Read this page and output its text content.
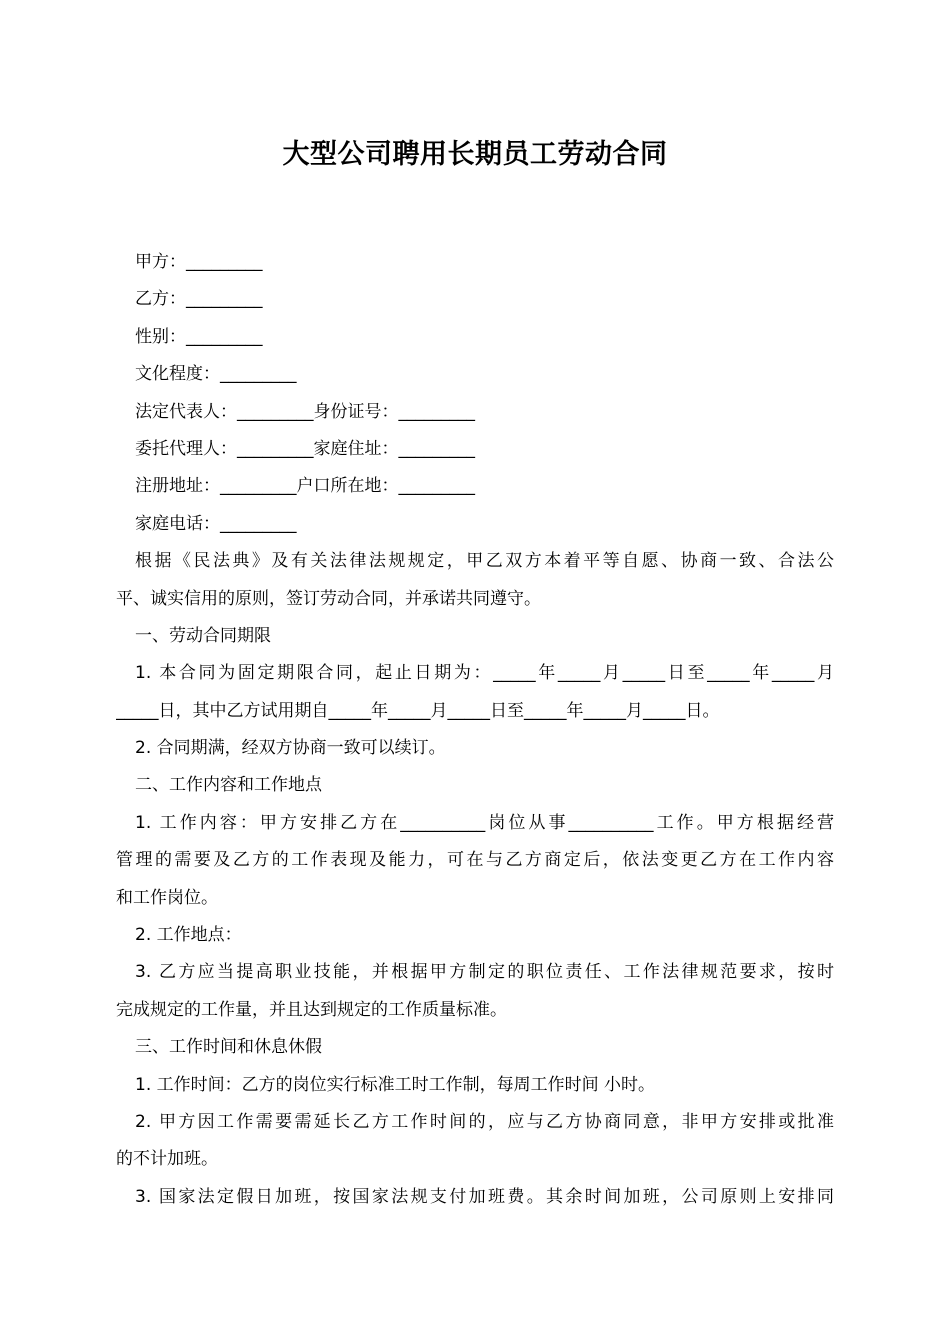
大型公司聘用长期员工劳动合同
甲方：_________
乙方：_________
性别：_________
文化程度：_________
法定代表人：_________身份证号：_________
委托代理人：_________家庭住址：_________
注册地址：_________户口所在地：_________
家庭电话：_________
根据《民法典》及有关法律法规规定，甲乙双方本着平等自愿、协商一致、合法公
平、诚实信用的原则，签订劳动合同，并承诺共同遵守。
一、劳动合同期限
1. 本合同为固定期限合同，起止日期为：_____年_____月_____日至_____年_____月
_____日，其中乙方试用期自_____年_____月_____日至_____年_____月_____日。
2. 合同期满，经双方协商一致可以续订。
二、工作内容和工作地点
1. 工作内容：甲方安排乙方在__________岗位从事__________工作。甲方根据经营
管理的需要及乙方的工作表现及能力，可在与乙方商定后，依法变更乙方在工作内容
和工作岗位。
2. 工作地点：
3. 乙方应当提高职业技能，并根据甲方制定的职位责任、工作法律规范要求，按时
完成规定的工作量，并且达到规定的工作质量标准。
三、工作时间和休息休假
1. 工作时间：乙方的岗位实行标准工时工作制，每周工作时间 小时。
2. 甲方因工作需要需延长乙方工作时间的，应与乙方协商同意，非甲方安排或批准
的不计加班。
3. 国家法定假日加班，按国家法规支付加班费。其余时间加班，公司原则上安排同
